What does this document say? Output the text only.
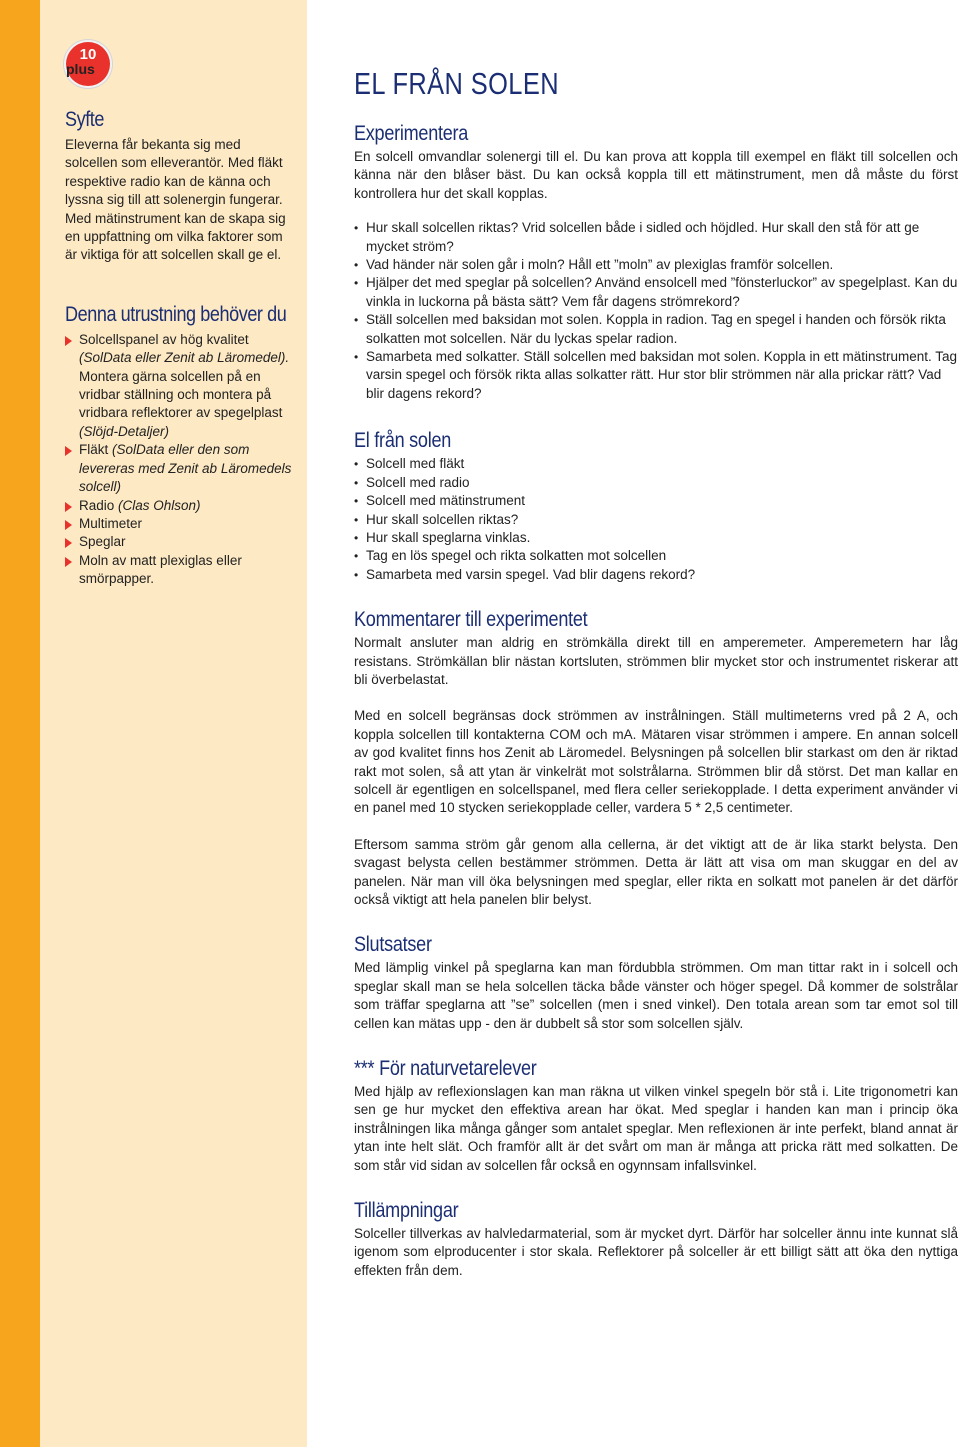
10
plus
Syfte

Eleverna får bekanta sig med solcellen som elleverantör. Med fläkt respektive radio kan de känna och lyssna sig till att solenergin fungerar. Med mätinstrument kan de skapa sig en uppfattning om vilka faktorer som är viktiga för att solcellen skall ge el.

Denna utrustning behöver du
Solcellspanel av hög kvalitet (SolData eller Zenit ab Läromedel). Montera gärna solcellen på en vridbar ställning och montera på vridbara reflektorer av spegelplast (Slöjd-Detaljer)
Fläkt (SolData eller den som levereras med Zenit ab Läromedels solcell)
Radio (Clas Ohlson)
Multimeter
Speglar
Moln av matt plexiglas eller smörpapper.
EL FRÅN SOLEN
Experimentera

En solcell omvandlar solenergi till el. Du kan prova att koppla till exempel en fläkt till solcellen och känna när den blåser bäst. Du kan också koppla till ett mätinstrument, men då måste du först kontrollera hur det skall kopplas.

• Hur skall solcellen riktas? Vrid solcellen både i sidled och höjdled. Hur skall den stå för att ge mycket ström?
• Vad händer när solen går i moln? Håll ett ”moln” av plexiglas framför solcellen.
• Hjälper det med speglar på solcellen? Använd ensolcell med ”fönsterluckor” av spegelplast. Kan du vinkla in luckorna på bästa sätt? Vem får dagens strömrekord?
• Ställ solcellen med baksidan mot solen. Koppla in radion. Tag en spegel i handen och försök rikta solkatten mot solcellen. När du lyckas spelar radion.
• Samarbeta med solkatter. Ställ solcellen med baksidan mot solen. Koppla in ett mätinstrument. Tag varsin spegel och försök rikta allas solkatter rätt. Hur stor blir strömmen när alla prickar rätt? Vad blir dagens rekord?
El från solen
• Solcell med fläkt
• Solcell med radio
• Solcell med mätinstrument
• Hur skall solcellen riktas?
• Hur skall speglarna vinklas.
• Tag en lös spegel och rikta solkatten mot solcellen
• Samarbeta med varsin spegel. Vad blir dagens rekord?
Kommentarer till experimentet

Normalt ansluter man aldrig en strömkälla direkt till en amperemeter. Amperemetern har låg resistans. Strömkällan blir nästan kortsluten, strömmen blir mycket stor och instrumentet riskerar att bli överbelastat.

Med en solcell begränsas dock strömmen av instrålningen. Ställ multimeterns vred på 2 A, och koppla solcellen till kontakterna COM och mA. Mätaren visar strömmen i ampere. En annan solcell av god kvalitet finns hos Zenit ab Läromedel. Belysningen på solcellen blir starkast om den är riktad rakt mot solen, så att ytan är vinkelrät mot solstrålarna. Strömmen blir då störst. Det man kallar en solcell är egentligen en solcellspanel, med flera celler seriekopplade. I detta experiment använder vi en panel med 10 stycken seriekopplade celler, vardera 5 * 2,5 centimeter.

Eftersom samma ström går genom alla cellerna, är det viktigt att de är lika starkt belysta. Den svagast belysta cellen bestämmer strömmen. Detta är lätt att visa om man skuggar en del av panelen. När man vill öka belysningen med speglar, eller rikta en solkatt mot panelen är det därför också viktigt att hela panelen blir belyst.

Slutsatser

Med lämplig vinkel på speglarna kan man fördubbla strömmen. Om man tittar rakt in i solcell och speglar skall man se hela solcellen täcka både vänster och höger spegel. Då kommer de solstrålar som träffar speglarna att ”se” solcellen (men i sned vinkel). Den totala arean som tar emot sol till cellen kan mätas upp - den är dubbelt så stor som solcellen själv.

*** För naturvetarelever

Med hjälp av reflexionslagen kan man räkna ut vilken vinkel spegeln bör stå i. Lite trigonometri kan sen ge hur mycket den effektiva arean har ökat. Med speglar i handen kan man i princip öka instrålningen lika många gånger som antalet speglar. Men reflexionen är inte perfekt, bland annat är ytan inte helt slät. Och framför allt är det svårt om man är många att pricka rätt med solkatten. De som står vid sidan av solcellen får också en ogynnsam infallsvinkel.

Tillämpningar

Solceller tillverkas av halvledarmaterial, som är mycket dyrt. Därför har solceller ännu inte kunnat slå igenom som elproducenter i stor skala. Reflektorer på solceller är ett billigt sätt att öka den nyttiga effekten från dem.
